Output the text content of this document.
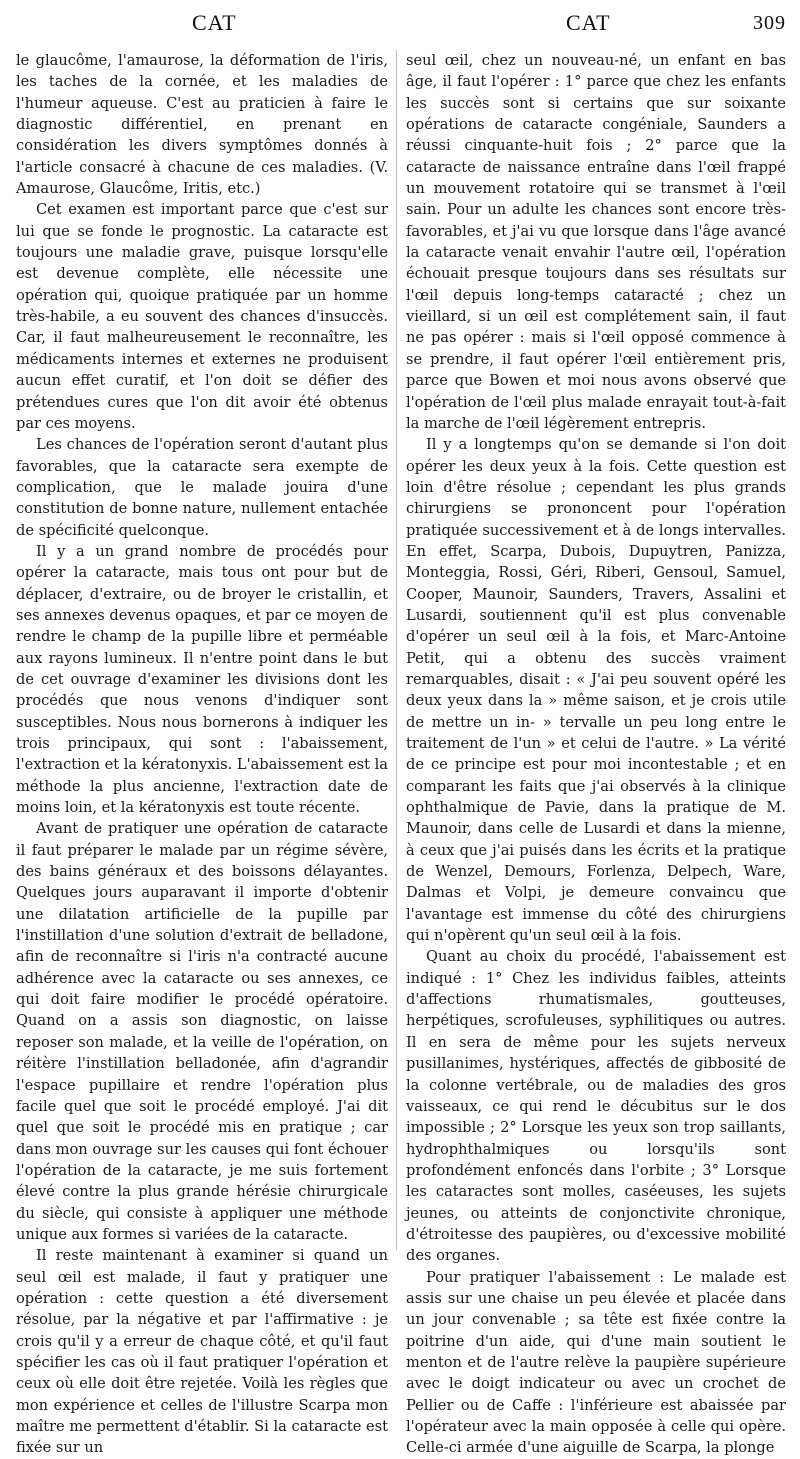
CAT	CAT	309

le glaucôme, l'amaurose, la déformation de l'iris, les taches de la cornée, et les maladies de l'humeur aqueuse. C'est au praticien à faire le diagnostic différentiel, en prenant en considération les divers symptômes donnés à l'article consacré à chacune de ces maladies. (V. Amaurose, Glaucôme, Iritis, etc.)

Cet examen est important parce que c'est sur lui que se fonde le prognostic. La cataracte est toujours une maladie grave, puisque lorsqu'elle est devenue complète, elle nécessite une opération qui, quoique pratiquée par un homme très-habile, a eu souvent des chances d'insuccès. Car, il faut malheureusement le reconnaître, les médicaments internes et externes ne produisent aucun effet curatif, et l'on doit se défier des prétendues cures que l'on dit avoir été obtenus par ces moyens.

Les chances de l'opération seront d'autant plus favorables, que la cataracte sera exempte de complication, que le malade jouira d'une constitution de bonne nature, nullement entachée de spécificité quelconque.

Il y a un grand nombre de procédés pour opérer la cataracte, mais tous ont pour but de déplacer, d'extraire, ou de broyer le cristallin, et ses annexes devenus opaques, et par ce moyen de rendre le champ de la pupille libre et perméable aux rayons lumineux. Il n'entre point dans le but de cet ouvrage d'examiner les divisions dont les procédés que nous venons d'indiquer sont susceptibles. Nous nous bornerons à indiquer les trois principaux, qui sont : l'abaissement, l'extraction et la kératonyxis. L'abaissement est la méthode la plus ancienne, l'extraction date de moins loin, et la kératonyxis est toute récente.

Avant de pratiquer une opération de cataracte il faut préparer le malade par un régime sévère, des bains généraux et des boissons délayantes. Quelques jours auparavant il importe d'obtenir une dilatation artificielle de la pupille par l'instillation d'une solution d'extrait de belladone, afin de reconnaître si l'iris n'a contracté aucune adhérence avec la cataracte ou ses annexes, ce qui doit faire modifier le procédé opératoire. Quand on a assis son diagnostic, on laisse reposer son malade, et la veille de l'opération, on réitère l'instillation belladonée, afin d'agrandir l'espace pupillaire et rendre l'opération plus facile quel que soit le procédé employé. J'ai dit quel que soit le procédé mis en pratique ; car dans mon ouvrage sur les causes qui font échouer l'opération de la cataracte, je me suis fortement élevé contre la plus grande hérésie chirurgicale du siècle, qui consiste à appliquer une méthode unique aux formes si variées de la cataracte.

Il reste maintenant à examiner si quand un seul œil est malade, il faut y pratiquer une opération : cette question a été diversement résolue, par la négative et par l'affirmative : je crois qu'il y a erreur de chaque côté, et qu'il faut spécifier les cas où il faut pratiquer l'opération et ceux où elle doit être rejetée. Voilà les règles que mon expérience et celles de l'illustre Scarpa mon maître me permettent d'établir. Si la cataracte est fixée sur un

seul œil, chez un nouveau-né, un enfant en bas âge, il faut l'opérer : 1° parce que chez les enfants les succès sont si certains que sur soixante opérations de cataracte congéniale, Saunders a réussi cinquante-huit fois ; 2° parce que la cataracte de naissance entraîne dans l'œil frappé un mouvement rotatoire qui se transmet à l'œil sain. Pour un adulte les chances sont encore très-favorables, et j'ai vu que lorsque dans l'âge avancé la cataracte venait envahir l'autre œil, l'opération échouait presque toujours dans ses résultats sur l'œil depuis long-temps cataracté ; chez un vieillard, si un œil est complétement sain, il faut ne pas opérer : mais si l'œil opposé commence à se prendre, il faut opérer l'œil entièrement pris, parce que Bowen et moi nous avons observé que l'opération de l'œil plus malade enrayait tout-à-fait la marche de l'œil légèrement entrepris.

Il y a longtemps qu'on se demande si l'on doit opérer les deux yeux à la fois. Cette question est loin d'être résolue ; cependant les plus grands chirurgiens se prononcent pour l'opération pratiquée successivement et à de longs intervalles. En effet, Scarpa, Dubois, Dupuytren, Panizza, Monteggia, Rossi, Géri, Riberi, Gensoul, Samuel, Cooper, Maunoir, Saunders, Travers, Assalini et Lusardi, soutiennent qu'il est plus convenable d'opérer un seul œil à la fois, et Marc-Antoine Petit, qui a obtenu des succès vraiment remarquables, disait : « J'ai peu souvent opéré les deux yeux dans la » même saison, et je crois utile de mettre un in- » tervalle un peu long entre le traitement de l'un » et celui de l'autre. » La vérité de ce principe est pour moi incontestable ; et en comparant les faits que j'ai observés à la clinique ophthalmique de Pavie, dans la pratique de M. Maunoir, dans celle de Lusardi et dans la mienne, à ceux que j'ai puisés dans les écrits et la pratique de Wenzel, Demours, Forlenza, Delpech, Ware, Dalmas et Volpi, je demeure convaincu que l'avantage est immense du côté des chirurgiens qui n'opèrent qu'un seul œil à la fois.

Quant au choix du procédé, l'abaissement est indiqué : 1° Chez les individus faibles, atteints d'affections rhumatismales, goutteuses, herpétiques, scrofuleuses, syphilitiques ou autres. Il en sera de même pour les sujets nerveux pusillanimes, hystériques, affectés de gibbosité de la colonne vertébrale, ou de maladies des gros vaisseaux, ce qui rend le décubitus sur le dos impossible ; 2° Lorsque les yeux son trop saillants, hydrophthalmiques ou lorsqu'ils sont profondément enfoncés dans l'orbite ; 3° Lorsque les cataractes sont molles, caséeuses, les sujets jeunes, ou atteints de conjonctivite chronique, d'étroitesse des paupières, ou d'excessive mobilité des organes.

Pour pratiquer l'abaissement : Le malade est assis sur une chaise un peu élevée et placée dans un jour convenable ; sa tête est fixée contre la poitrine d'un aide, qui d'une main soutient le menton et de l'autre relève la paupière supérieure avec le doigt indicateur ou avec un crochet de Pellier ou de Caffe : l'inférieure est abaissée par l'opérateur avec la main opposée à celle qui opère. Celle-ci armée d'une aiguille de Scarpa, la plonge
